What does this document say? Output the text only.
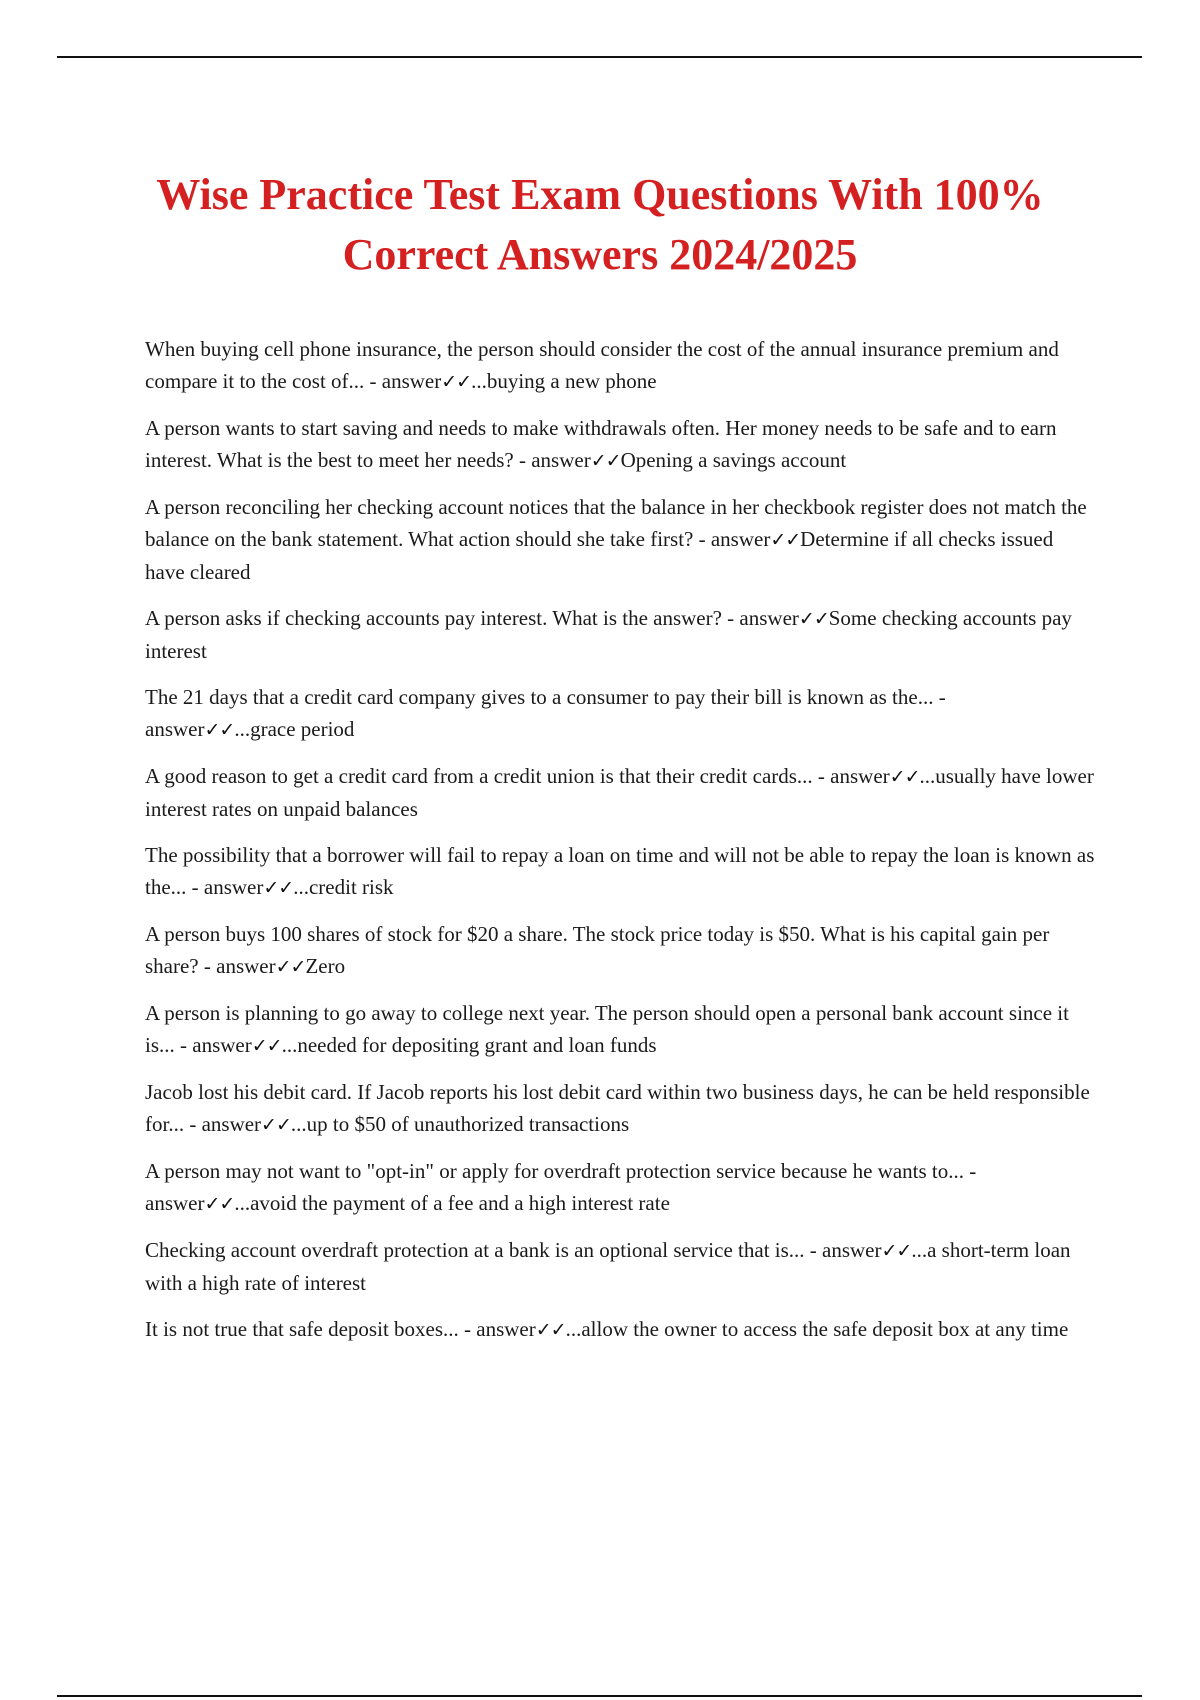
Wise Practice Test Exam Questions With 100% Correct Answers 2024/2025
When buying cell phone insurance, the person should consider the cost of the annual insurance premium and compare it to the cost of... - answer✓✓...buying a new phone
A person wants to start saving and needs to make withdrawals often. Her money needs to be safe and to earn interest. What is the best to meet her needs? - answer✓✓Opening a savings account
A person reconciling her checking account notices that the balance in her checkbook register does not match the balance on the bank statement. What action should she take first? - answer✓✓Determine if all checks issued have cleared
A person asks if checking accounts pay interest. What is the answer? - answer✓✓Some checking accounts pay interest
The 21 days that a credit card company gives to a consumer to pay their bill is known as the... - answer✓✓...grace period
A good reason to get a credit card from a credit union is that their credit cards... - answer✓✓...usually have lower interest rates on unpaid balances
The possibility that a borrower will fail to repay a loan on time and will not be able to repay the loan is known as the... - answer✓✓...credit risk
A person buys 100 shares of stock for $20 a share. The stock price today is $50. What is his capital gain per share? - answer✓✓Zero
A person is planning to go away to college next year. The person should open a personal bank account since it is... - answer✓✓...needed for depositing grant and loan funds
Jacob lost his debit card. If Jacob reports his lost debit card within two business days, he can be held responsible for... - answer✓✓...up to $50 of unauthorized transactions
A person may not want to "opt-in" or apply for overdraft protection service because he wants to... - answer✓✓...avoid the payment of a fee and a high interest rate
Checking account overdraft protection at a bank is an optional service that is... - answer✓✓...a short-term loan with a high rate of interest
It is not true that safe deposit boxes... - answer✓✓...allow the owner to access the safe deposit box at any time
